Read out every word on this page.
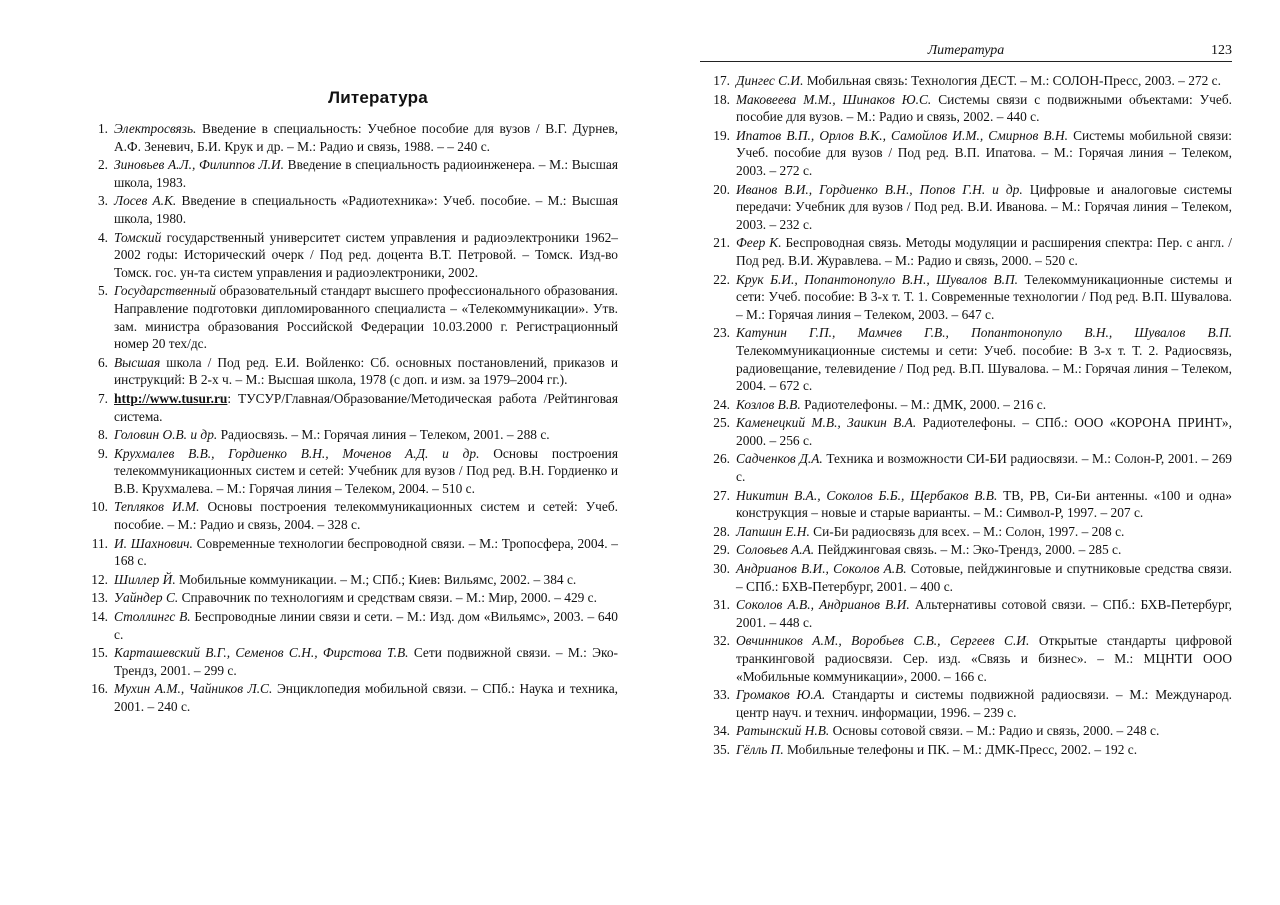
Литература
1. Электросвязь. Введение в специальность: Учебное пособие для вузов / В.Г. Дурнев, А.Ф. Зеневич, Б.И. Крук и др. – М.: Радио и связь, 1988. – – 240 с.
2. Зиновьев А.Л., Филиппов Л.И. Введение в специальность радиоинженера. – М.: Высшая школа, 1983.
3. Лосев А.К. Введение в специальность «Радиотехника»: Учеб. пособие. – М.: Высшая школа, 1980.
4. Томский государственный университет систем управления и радиоэлектроники 1962–2002 годы: Исторический очерк / Под ред. доцента В.Т. Петровой. – Томск. Изд-во Томск. гос. ун-та систем управления и радиоэлектроники, 2002.
5. Государственный образовательный стандарт высшего профессионального образования. Направление подготовки дипломированного специалиста – «Телекоммуникации». Утв. зам. министра образования Российской Федерации 10.03.2000 г. Регистрационный номер 20 тех/дс.
6. Высшая школа / Под ред. Е.И. Войленко: Сб. основных постановлений, приказов и инструкций: В 2-х ч. – М.: Высшая школа, 1978 (с доп. и изм. за 1979–2004 гг.).
7. http://www.tusur.ru: ТУСУР/Главная/Образование/Методическая работа /Рейтинговая система.
8. Головин О.В. и др. Радиосвязь. – М.: Горячая линия – Телеком, 2001. – 288 с.
9. Крухмалев В.В., Гордиенко В.Н., Моченов А.Д. и др. Основы построения телекоммуникационных систем и сетей: Учебник для вузов / Под ред. В.Н. Гордиенко и В.В. Крухмалева. – М.: Горячая линия – Телеком, 2004. – 510 с.
10. Тепляков И.М. Основы построения телекоммуникационных систем и сетей: Учеб. пособие. – М.: Радио и связь, 2004. – 328 с.
11. И. Шахнович. Современные технологии беспроводной связи. – М.: Тропосфера, 2004. – 168 с.
12. Шиллер Й. Мобильные коммуникации. – М.; СПб.; Киев: Вильямс, 2002. – 384 с.
13. Уайндер С. Справочник по технологиям и средствам связи. – М.: Мир, 2000. – 429 с.
14. Столлингс В. Беспроводные линии связи и сети. – М.: Изд. дом «Вильямс», 2003. – 640 с.
15. Карташевский В.Г., Семенов С.Н., Фирстова Т.В. Сети подвижной связи. – М.: Эко-Трендз, 2001. – 299 с.
16. Мухин А.М., Чайников Л.С. Энциклопедия мобильной связи. – СПб.: Наука и техника, 2001. – 240 с.
Литература	123
17. Дингес С.И. Мобильная связь: Технология ДЕСТ. – М.: СОЛОН-Пресс, 2003. – 272 с.
18. Маковеева М.М., Шинаков Ю.С. Системы связи с подвижными объектами: Учеб. пособие для вузов. – М.: Радио и связь, 2002. – 440 с.
19. Ипатов В.П., Орлов В.К., Самойлов И.М., Смирнов В.Н. Системы мобильной связи: Учеб. пособие для вузов / Под ред. В.П. Ипатова. – М.: Горячая линия – Телеком, 2003. – 272 с.
20. Иванов В.И., Гордиенко В.Н., Попов Г.Н. и др. Цифровые и аналоговые системы передачи: Учебник для вузов / Под ред. В.И. Иванова. – М.: Горячая линия – Телеком, 2003. – 232 с.
21. Феер К. Беспроводная связь. Методы модуляции и расширения спектра: Пер. с англ. / Под ред. В.И. Журавлева. – М.: Радио и связь, 2000. – 520 с.
22. Крук Б.И., Попантонопуло В.Н., Шувалов В.П. Телекоммуникационные системы и сети: Учеб. пособие: В 3-х т. Т. 1. Современные технологии / Под ред. В.П. Шувалова. – М.: Горячая линия – Телеком, 2003. – 647 с.
23. Катунин Г.П., Мамчев Г.В., Попантонопуло В.Н., Шувалов В.П. Телекоммуникационные системы и сети: Учеб. пособие: В 3-х т. Т. 2. Радиосвязь, радиовещание, телевидение / Под ред. В.П. Шувалова. – М.: Горячая линия – Телеком, 2004. – 672 с.
24. Козлов В.В. Радиотелефоны. – М.: ДМК, 2000. – 216 с.
25. Каменецкий М.В., Заикин В.А. Радиотелефоны. – СПб.: ООО «КОРОНА ПРИНТ», 2000. – 256 с.
26. Садченков Д.А. Техника и возможности СИ-БИ радиосвязи. – М.: Солон-Р, 2001. – 269 с.
27. Никитин В.А., Соколов Б.Б., Щербаков В.В. ТВ, РВ, Си-Би антенны. «100 и одна» конструкция – новые и старые варианты. – М.: Символ-Р, 1997. – 207 с.
28. Лапшин Е.Н. Си-Би радиосвязь для всех. – М.: Солон, 1997. – 208 с.
29. Соловьев А.А. Пейджинговая связь. – М.: Эко-Трендз, 2000. – 285 с.
30. Андрианов В.И., Соколов А.В. Сотовые, пейджинговые и спутниковые средства связи. – СПб.: БХВ-Петербург, 2001. – 400 с.
31. Соколов А.В., Андрианов В.И. Альтернативы сотовой связи. – СПб.: БХВ-Петербург, 2001. – 448 с.
32. Овчинников А.М., Воробьев С.В., Сергеев С.И. Открытые стандарты цифровой транкинговой радиосвязи. Сер. изд. «Связь и бизнес». – М.: МЦНТИ ООО «Мобильные коммуникации», 2000. – 166 с.
33. Громаков Ю.А. Стандарты и системы подвижной радиосвязи. – М.: Международ. центр науч. и технич. информации, 1996. – 239 с.
34. Ратынский Н.В. Основы сотовой связи. – М.: Радио и связь, 2000. – 248 с.
35. Гёлль П. Мобильные телефоны и ПК. – М.: ДМК-Пресс, 2002. – 192 с.
